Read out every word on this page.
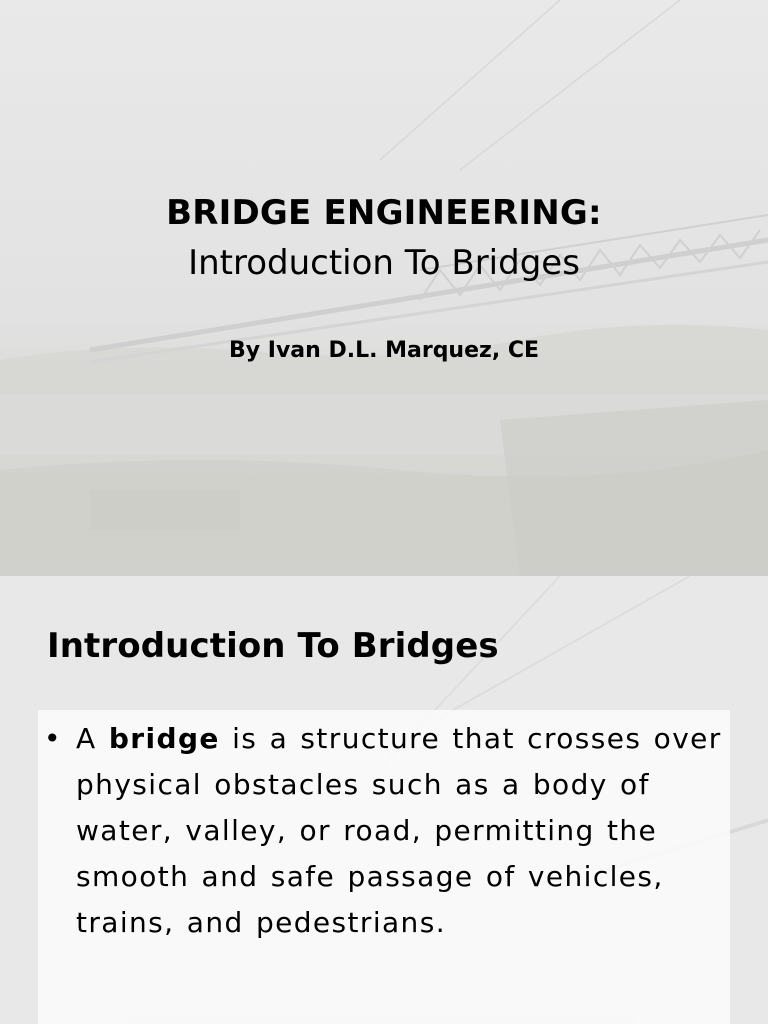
BRIDGE ENGINEERING:
Introduction To Bridges
By Ivan D.L. Marquez, CE
Introduction To Bridges
• A bridge is a structure that crosses over physical obstacles such as a body of water, valley, or road, permitting the smooth and safe passage of vehicles, trains, and pedestrians.
